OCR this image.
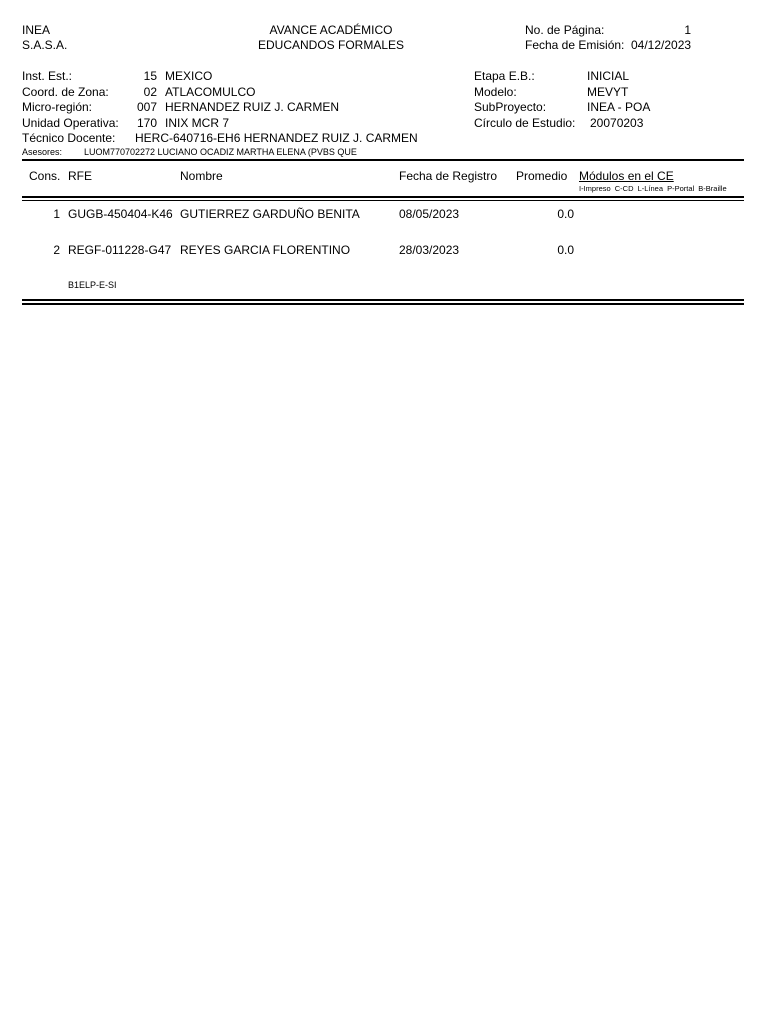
INEA
S.A.S.A.
AVANCE ACADÉMICO
EDUCANDOS FORMALES
No. de Página:	1
Fecha de Emisión: 04/12/2023
Inst. Est.:	15 MEXICO
Coord. de Zona:	02 ATLACOMULCO
Micro-región:	007 HERNANDEZ RUIZ J. CARMEN
Unidad Operativa:	170 INIX MCR 7
Técnico Docente: HERC-640716-EH6 HERNANDEZ RUIZ J. CARMEN
Asesores: LUOM770702272 LUCIANO OCADIZ MARTHA ELENA (PVBS QUE
Etapa E.B.:	INICIAL
Modelo:	MEVYT
SubProyecto:	INEA - POA
Círculo de Estudio: 20070203
Cons. RFE	Nombre	Fecha de Registro Promedio Módulos en el CE
I-Impreso C-CD L-Línea P-Portal B-Braille
1 GUGB-450404-K46 GUTIERREZ GARDUÑO BENITA	08/05/2023	0.0
2 REGF-011228-G47 REYES GARCIA FLORENTINO	28/03/2023	0.0
B1ELP-E-SI
